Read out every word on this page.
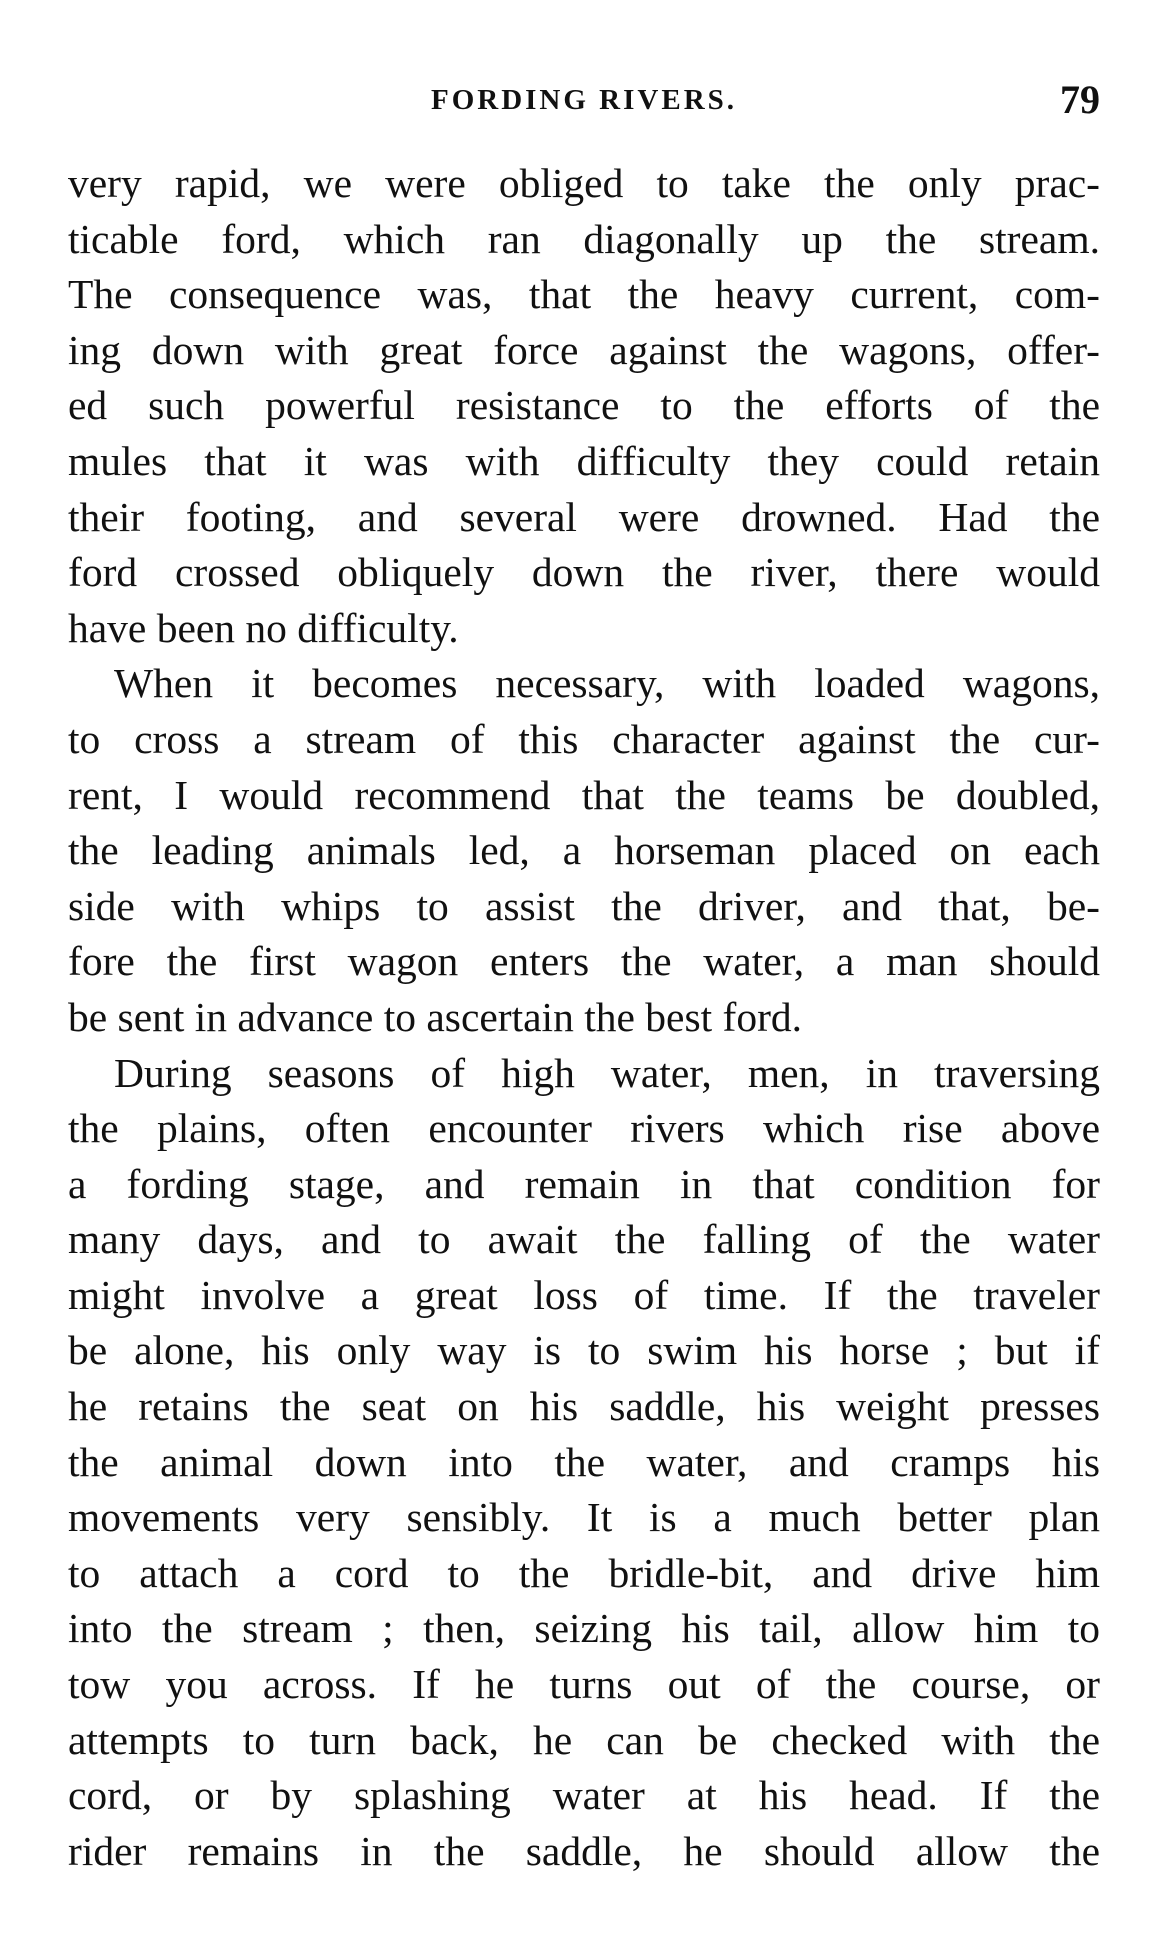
FORDING RIVERS.	79
very rapid, we were obliged to take the only prac-
ticable ford, which ran diagonally up the stream.
The consequence was, that the heavy current, com-
ing down with great force against the wagons, offer-
ed such powerful resistance to the efforts of the
mules that it was with difficulty they could retain
their footing, and several were drowned. Had the
ford crossed obliquely down the river, there would
have been no difficulty.
When it becomes necessary, with loaded wagons,
to cross a stream of this character against the cur-
rent, I would recommend that the teams be doubled,
the leading animals led, a horseman placed on each
side with whips to assist the driver, and that, be-
fore the first wagon enters the water, a man should
be sent in advance to ascertain the best ford.
During seasons of high water, men, in traversing
the plains, often encounter rivers which rise above
a fording stage, and remain in that condition for
many days, and to await the falling of the water
might involve a great loss of time. If the traveler
be alone, his only way is to swim his horse ; but if
he retains the seat on his saddle, his weight presses
the animal down into the water, and cramps his
movements very sensibly. It is a much better plan
to attach a cord to the bridle-bit, and drive him
into the stream ; then, seizing his tail, allow him to
tow you across. If he turns out of the course, or
attempts to turn back, he can be checked with the
cord, or by splashing water at his head. If the
rider remains in the saddle, he should allow the
